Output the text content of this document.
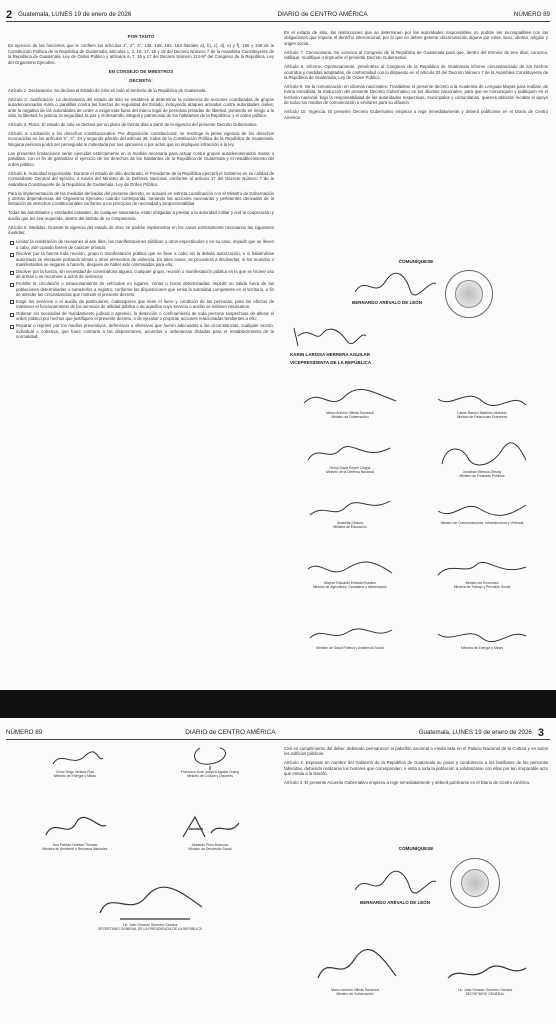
2 Guatemala, LUNES 19 de enero de 2026	DIARIO de CENTRO AMÉRICA	NÚMERO 89
POR TANTO

En ejercicio de las funciones que le confiere los artículos 1°, 2°, 3°, 138, 139, 182, 183 literales a), b), c), d), e) y f), 195 y 246 de la Constitución Política de la República de Guatemala, artículos 1, 2, 16, 17, 18 y 19 del Decreto Número 7 de la Asamblea Constituyente de la República de Guatemala, Ley de Orden Público y artículos 6, 7, 16 y 17 del Decreto Número 114-97 del Congreso de la República, Ley del Organismo Ejecutivo.

EN CONSEJO DE MINISTROS
DECRETA:

Artículo 1. Declaratoria. Se declara el Estado de Sitio en todo el territorio de la República de Guatemala.

Artículo 2. Justificación. La declaratoria del estado de sitio se establece al determinar la existencia de acciones coordinadas de grupos autodenominados mara o pandillas contra las fuerzas de seguridad del Estado, incluyendo ataques armados contra autoridades civiles, ante la negativa de las autoridades de ceder a exigencias fuera del marco legal de personas privadas de libertad, poniendo en riesgo a la vida, la libertad, la justicia, la seguridad, la paz y el desarrollo integral y patrimonial de los habitantes de la República, y el orden público.

Artículo 3. Plazo. El estado de sitio se declara por un plazo de treinta días a partir de la vigencia del presente Decreto Gubernativo.

Artículo 4. Limitación a los derechos constitucionales. Por disposición constitucional, se restringe la plena vigencia de los derechos reconocidos en los artículos 5°, 6°, 33 y segundo párrafo del artículo 38, todos de la Constitución Política de la República de Guatemala. Ninguna persona podrá ser perseguida ni molestada por sus opiniones o por actos que no impliquen infracción a la ley.

Las presentes limitaciones serán ejercidas estrictamente en la medida necesaria para actuar contra grupos autodenominados maras o pandillas, con el fin de garantizar el ejercicio de los derechos de los habitantes de la República de Guatemala y el restablecimiento del orden público.

Artículo 5. Autoridad responsable. Durante el estado de sitio declarado, el Presidente de la República ejercerá el Gobierno en su calidad de Comandante General del Ejército, a través del Ministro de la Defensa Nacional, conforme al artículo 17 del Decreto Número 7 de la Asamblea Constituyente de la República de Guatemala, Ley de Orden Público.

Para la implementación de las medidas derivadas del presente decreto, se actuará en estricta coordinación con el Ministro de Gobernación y demás dependencias del Organismo Ejecutivo cuando corresponda, tomando las acciones necesarias y pertinentes derivadas de la limitación de derechos constitucionales conforme a los principios de necesidad y proporcionalidad.

Todas las autoridades y entidades estatales, de cualquier naturaleza, están obligadas a prestar a la autoridad militar y civil la cooperación y auxilio que les sea requerida, dentro del ámbito de su competencia.

Artículo 6. Medidas. Durante la vigencia del estado de sitio, se podrán implementar en los casos estrictamente necesarios las siguientes medidas:

Limitar la celebración de reuniones al aire libre, las manifestaciones públicas u otros espectáculos y en su caso, impedir que se lleven a cabo, aún cuando fueren de carácter privado;
Disolver por la fuerza toda reunión, grupo o manifestación pública que se lleve a cabo sin la debida autorización, o si habiéndose autorizado se efectuare portando armas u otros elementos de violencia. En tales casos, se procederá a disolverlas, si los reunidos o manifestantes se negaren a hacerlo, después de haber sido conminados para ello;
Disolver por la fuerza, sin necesidad de conminatoria alguna, cualquier grupo, reunión o manifestación pública en la que se hiciere uso de armas o se recurriere a actos de violencia;
Prohibir la circulación o estacionamiento de vehículos en lugares, zonas u horas determinadas; impedir su salida fuera de las poblaciones determinadas o someterlos a registro, conforme las disposiciones que emita la autoridad competente en el territorio, a fin de atender las circunstancias que motivan el presente decreto;
Exigir los servicios o el auxilio de particulares, cualesquiera que sean el fuero y condición de las personas, para los efectos de mantener el funcionamiento de los servicios de utilidad pública o de aquellos cuyo servicio o auxilio se estimen necesarios;
Ordenar sin necesidad de mandamiento judicial o apremio, la detención o confinamiento de toda persona sospechosa de alterar el orden público por hechos que justifiquen el presente decreto, o de ejecutar o propiciar acciones relacionadas tendientes a ello;
Reparar o reprimir por los medios preventivos, defensivos u ofensivos que fueren adecuados a las circunstancias, cualquier acción, individual o colectiva, que fuere contraria a las disposiciones, acuerdos u ordenanzas dictadas para el restablecimiento de la normalidad.

En el estado de sitio, las restricciones que se determinen por las autoridades responsables no podrán ser incompatibles con las obligaciones que impone el derecho internacional, por lo que no deben generar discriminación alguna por etnia, sexo, idioma, religión y origen social.

Artículo 7. Convocatoria. Se convoca al Congreso de la República de Guatemala para que, dentro del término de tres días, conozca, ratifique, modifique o impruebe el presente Decreto Gubernativo.

Artículo 8. Informe. Oportunamente, preséntese al Congreso de la República de Guatemala informe circunstanciado de los hechos ocurridos y medidas adoptadas, de conformidad con lo dispuesto en el artículo 32 del Decreto Número 7 de la Asamblea Constituyente de la República de Guatemala, Ley de Orden Público.

Artículo 9. De la comunicación en idiomas nacionales. Trasládese el presente decreto a la Academia de Lenguas Mayas para realizar, de forma inmediata, la traducción del presente Decreto Gubernativo en los idiomas nacionales, para que se comuniquen y publiquen en el territorio nacional, bajo la responsabilidad de las autoridades respectivas, municipales y comunitarias, quienes deberán recabar el apoyo de todos los medios de comunicación o similares para su difusión.

Artículo 10. Vigencia. El presente Decreto Gubernativo empieza a regir inmediatamente y deberá publicarse en el Diario de Centro América.

COMUNÍQUESE
BERNARDO ARÉVALO DE LEÓN
KARIN LARISSA HERRERA AGUILAR
VICEPRESIDENTA DE LA REPÚBLICA
Marco Antonio Villeda Sandoval
Ministro de Gobernación
Carlos Ramiro Martínez Alvarado
Ministro de Relaciones Exteriores
Henry David Reyes Chigua
Ministro de la Defensa Nacional	Jonathan Menkos Zeissig
Ministro de Finanzas Públicas
Anabella Giracca
Ministra de Educación
Ministro de Comunicaciones, Infraestructura y Vivienda
Maynor Estuardo Estrada Rosales
Ministro de Agricultura, Ganadería y Alimentación
Ministro de Economía
Ministra de Trabajo y Previsión Social
Ministro de Salud Pública y Asistencia Social	Ministra de Energía y Minas
NÚMERO 89	DIARIO de CENTRO AMÉRICA	Guatemala, LUNES 19 de enero de 2026 3
Víctor Hugo Ventura Ruiz
Ministro de Energía y Minas
Francisco José Joaquín Aguilar Chang
Ministro de Cultura y Deportes
Ana Patricia Orantes Thomas
Ministra de Ambiente y Recursos Naturales
Abelardo Pinto Moscoso
Ministro de Desarrollo Social
Lic. Juan Gerardo Guerrero Garnica
SECRETARIO GENERAL DE LA PRESIDENCIA DE LA REPÚBLICA

Civil en cumplimiento del deber, debiendo permanecer el pabellón nacional a media asta en el Palacio Nacional de la Cultura y en todos los edificios públicos.

Artículo 2. Expresar en nombre del Gobierno de la República de Guatemala su pesar y condolencia a los familiares de las personas fallecidas, debiendo realizarse los honores que corresponden, e insta a toda la población a solidarizarse con ellas por tan irreparable acto que enluta a la Nación.

Artículo 3. El presente Acuerdo Gubernativo empieza a regir inmediatamente y deberá publicarse en el Diario de Centro América.

COMUNÍQUESE
BERNARDO ARÉVALO DE LEÓN
Marco Antonio Villeda Sandoval
Ministro de Gobernación
Lic. Juan Gerardo Guerrero Garnica
SECRETARIO GENERAL
